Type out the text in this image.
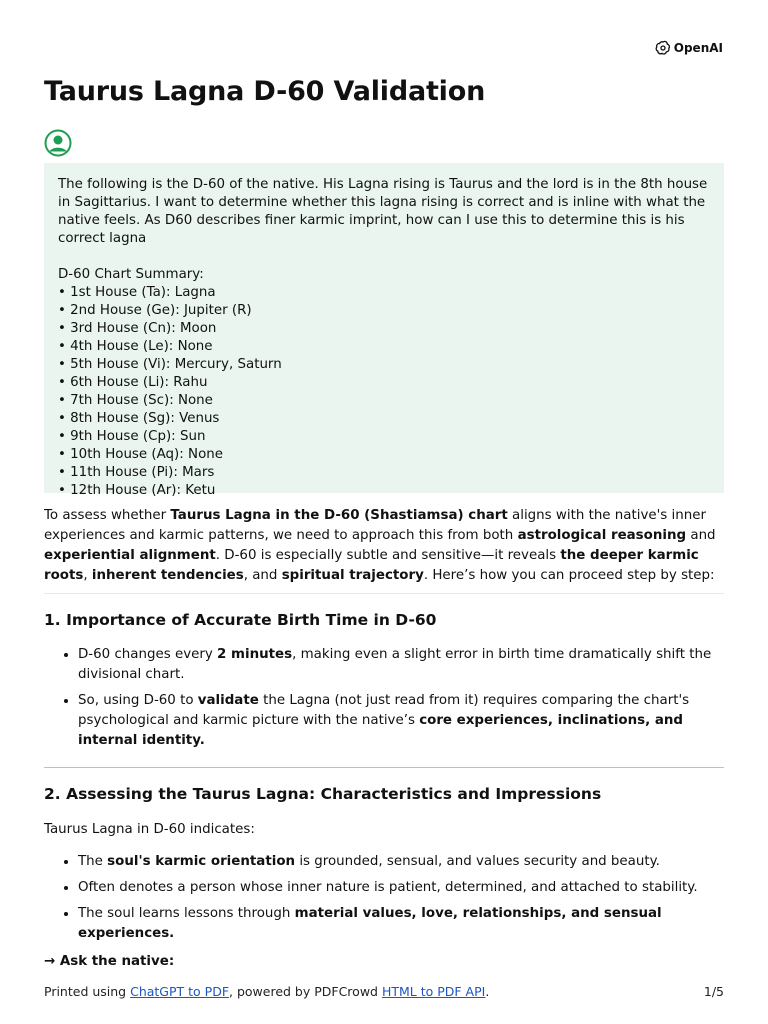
OpenAI
Taurus Lagna D-60 Validation

The following is the D-60 of the native. His Lagna rising is Taurus and the lord is in the 8th house in Sagittarius. I want to determine whether this lagna rising is correct and is inline with what the native feels. As D60 describes finer karmic imprint, how can I use this to determine this is his correct lagna

D-60 Chart Summary:

• 1st House (Ta): Lagna
• 2nd House (Ge): Jupiter (R)
• 3rd House (Cn): Moon
• 4th House (Le): None
• 5th House (Vi): Mercury, Saturn
• 6th House (Li): Rahu
• 7th House (Sc): None
• 8th House (Sg): Venus
• 9th House (Cp): Sun
• 10th House (Aq): None
• 11th House (Pi): Mars
• 12th House (Ar): Ketu

To assess whether Taurus Lagna in the D-60 (Shastiamsa) chart aligns with the native's inner experiences and karmic patterns, we need to approach this from both astrological reasoning and experiential alignment. D-60 is especially subtle and sensitive—it reveals the deeper karmic roots, inherent tendencies, and spiritual trajectory. Here’s how you can proceed step by step:

1. Importance of Accurate Birth Time in D-60
• D-60 changes every 2 minutes, making even a slight error in birth time dramatically shift the divisional chart.
• So, using D-60 to validate the Lagna (not just read from it) requires comparing the chart's psychological and karmic picture with the native’s core experiences, inclinations, and internal identity.
2. Assessing the Taurus Lagna: Characteristics and Impressions

Taurus Lagna in D-60 indicates:

• The soul's karmic orientation is grounded, sensual, and values security and beauty.
• Often denotes a person whose inner nature is patient, determined, and attached to stability.
• The soul learns lessons through material values, love, relationships, and sensual experiences.

→ Ask the native:

Printed using ChatGPT to PDF, powered by PDFCrowd HTML to PDF API.	1/5
